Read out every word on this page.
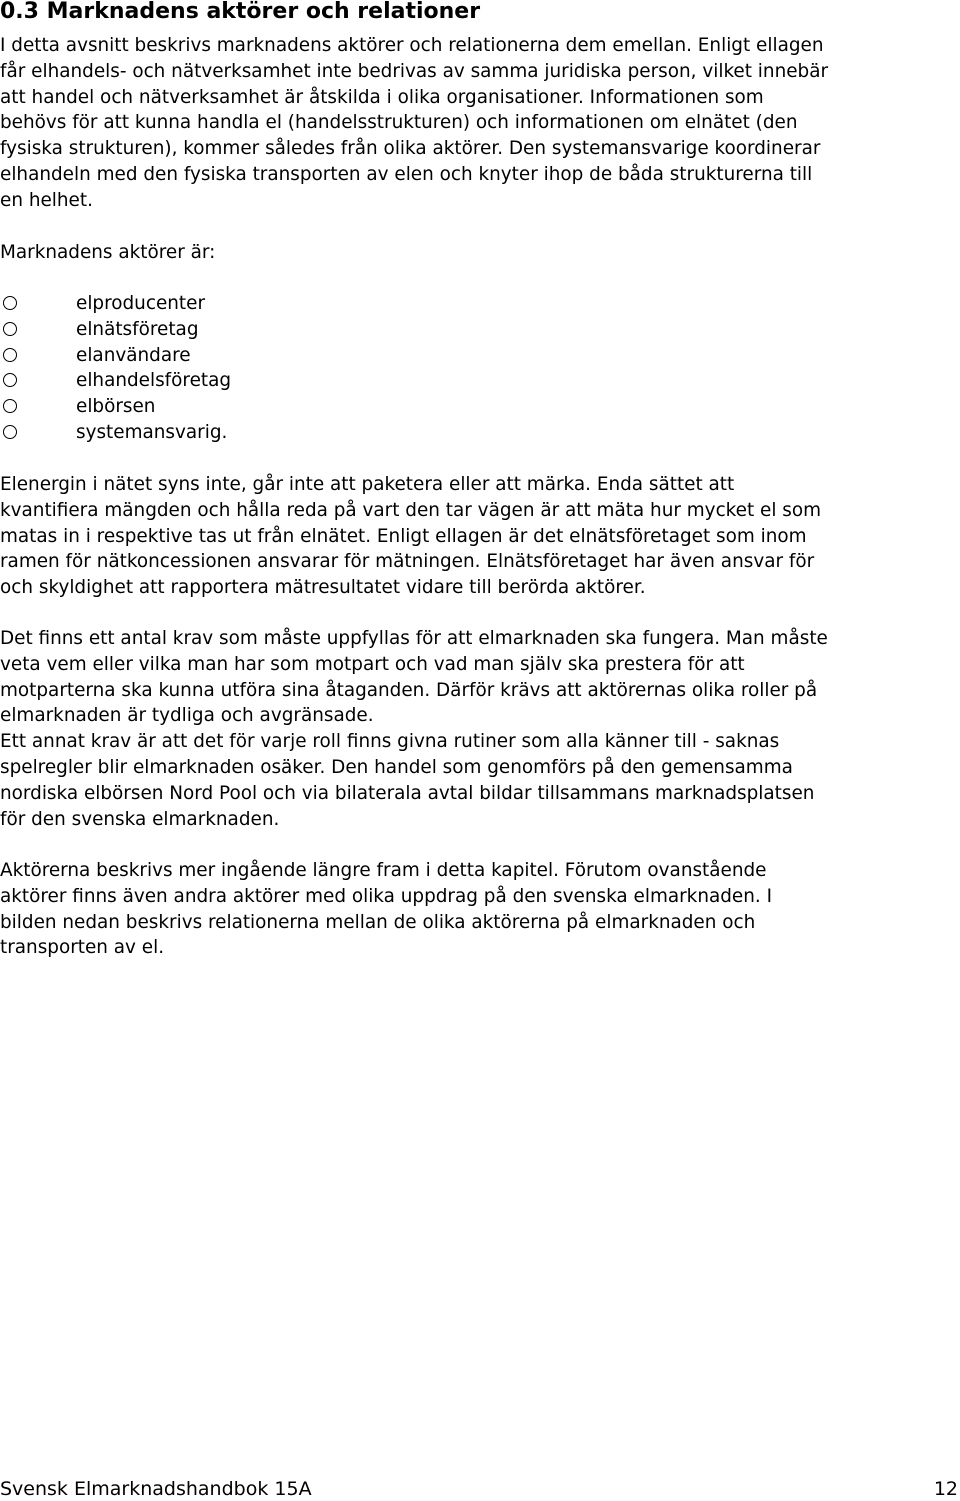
0.3 Marknadens aktörer och relationer

I detta avsnitt beskrivs marknadens aktörer och relationerna dem emellan. Enligt ellagen
får elhandels- och nätverksamhet inte bedrivas av samma juridiska person, vilket innebär
att handel och nätverksamhet är åtskilda i olika organisationer. Informationen som
behövs för att kunna handla el (handelsstrukturen) och informationen om elnätet (den
fysiska strukturen), kommer således från olika aktörer. Den systemansvarige koordinerar
elhandeln med den fysiska transporten av elen och knyter ihop de båda strukturerna till
en helhet.

Marknadens aktörer är:

elproducenter
elnätsföretag
elanvändare
elhandelsföretag
elbörsen
systemansvarig.

Elenergin i nätet syns inte, går inte att paketera eller att märka. Enda sättet att
kvantifiera mängden och hålla reda på vart den tar vägen är att mäta hur mycket el som
matas in i respektive tas ut från elnätet. Enligt ellagen är det elnätsföretaget som inom
ramen för nätkoncessionen ansvarar för mätningen. Elnätsföretaget har även ansvar för
och skyldighet att rapportera mätresultatet vidare till berörda aktörer.

Det finns ett antal krav som måste uppfyllas för att elmarknaden ska fungera. Man måste
veta vem eller vilka man har som motpart och vad man själv ska prestera för att
motparterna ska kunna utföra sina åtaganden. Därför krävs att aktörernas olika roller på
elmarknaden är tydliga och avgränsade.
Ett annat krav är att det för varje roll finns givna rutiner som alla känner till - saknas
spelregler blir elmarknaden osäker. Den handel som genomförs på den gemensamma
nordiska elbörsen Nord Pool och via bilaterala avtal bildar tillsammans marknadsplatsen
för den svenska elmarknaden.

Aktörerna beskrivs mer ingående längre fram i detta kapitel. Förutom ovanstående
aktörer finns även andra aktörer med olika uppdrag på den svenska elmarknaden. I
bilden nedan beskrivs relationerna mellan de olika aktörerna på elmarknaden och
transporten av el.

Svensk Elmarknadshandbok 15A	12
